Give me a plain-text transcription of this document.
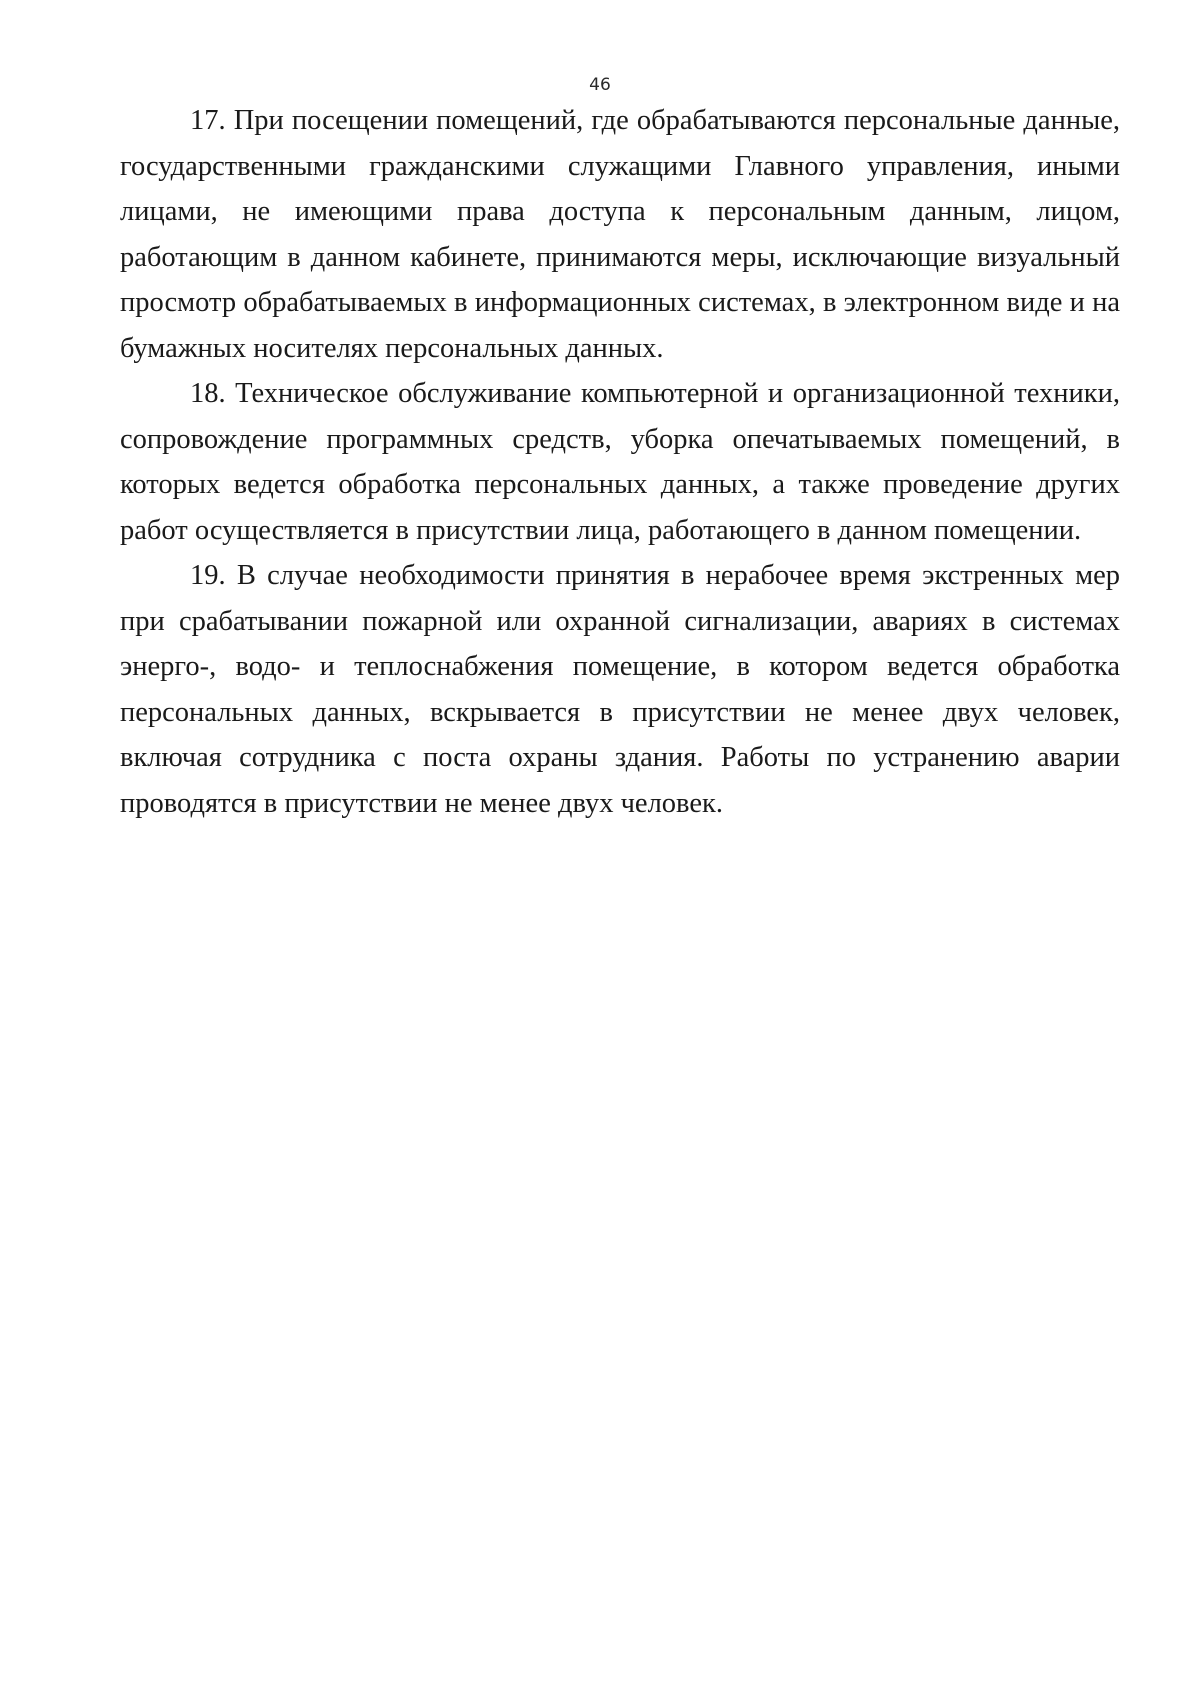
46

17. При посещении помещений, где обрабатываются персональные данные, государственными гражданскими служащими Главного управления, иными лицами, не имеющими права доступа к персональным данным, лицом, работающим в данном кабинете, принимаются меры, исключающие визуальный просмотр обрабатываемых в информационных системах, в электронном виде и на бумажных носителях персональных данных.

18. Техническое обслуживание компьютерной и организационной техники, сопровождение программных средств, уборка опечатываемых помещений, в которых ведется обработка персональных данных, а также проведение других работ осуществляется в присутствии лица, работающего в данном помещении.

19. В случае необходимости принятия в нерабочее время экстренных мер при срабатывании пожарной или охранной сигнализации, авариях в системах энерго-, водо- и теплоснабжения помещение, в котором ведется обработка персональных данных, вскрывается в присутствии не менее двух человек, включая сотрудника с поста охраны здания. Работы по устранению аварии проводятся в присутствии не менее двух человек.
